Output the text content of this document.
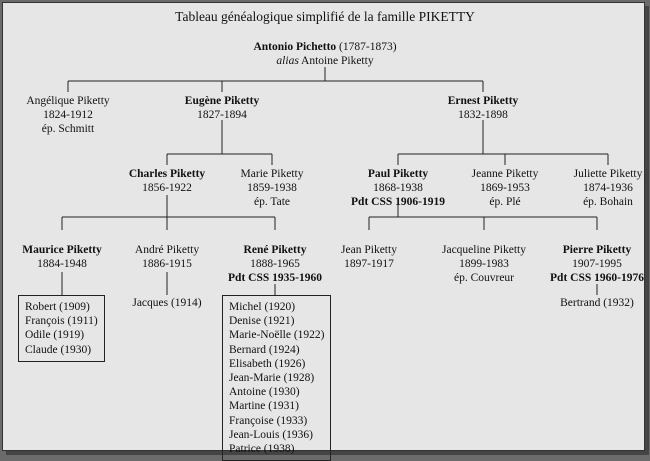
Tableau généalogique simplifié de la famille PIKETTY
Antonio Pichetto (1787-1873)
alias Antoine Piketty
Angélique Piketty
1824-1912
ép. Schmitt
Eugène Piketty
1827-1894
Ernest Piketty
1832-1898
Charles Piketty
1856-1922
Marie Piketty
1859-1938
ép. Tate
Paul Piketty
1868-1938
Pdt CSS 1906-1919
Jeanne Piketty
1869-1953
ép. Plé
Juliette Piketty
1874-1936
ép. Bohain
Maurice Piketty
1884-1948
André Piketty
1886-1915
René Piketty
1888-1965
Pdt CSS 1935-1960
Jean Piketty
1897-1917
Jacqueline Piketty
1899-1983
ép. Couvreur
Pierre Piketty
1907-1995
Pdt CSS 1960-1976
Robert (1909)
François (1911)
Odile (1919)
Claude (1930)
Jacques (1914) Michel (1920)
Denise (1921)
Marie-Noëlle (1922)
Bernard (1924)
Elisabeth (1926)
Jean-Marie (1928)
Antoine (1930)
Martine (1931)
Françoise (1933)
Jean-Louis (1936)
Patrice (1938)
Bertrand (1932)
